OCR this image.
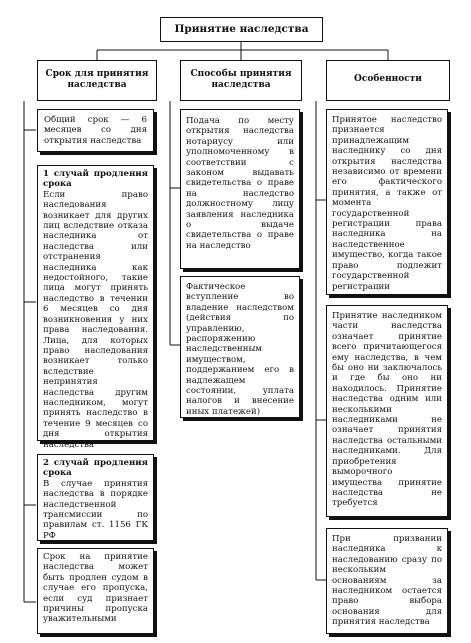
Принятие наследства
Срок для принятия
наследства
Способы принятия
наследства
Особенности
Общий срок — 6 месяцев со дня открытия наследства
1 случай продления срока
Если право наследования возникает для других лиц вследствие отказа наследника от наследства или отстранения наследника как недостойного, такие лица могут принять наследство в течении 6 месяцев со дня возникновения у них права наследования. Лица, для которых право наследования возникает только вследствие непринятия наследства другим наследником, могут принять наследство в течение 9 месяцев со дня открытия наследства
2 случай продления срока
В случае принятия наследства в порядке наследственной трансмиссии по правилам ст. 1156 ГК РФ
Срок на принятие наследства может быть продлен судом в случае его пропуска, если суд признает причины пропуска уважительными
Подача по месту открытия наследства нотариусу или уполномоченному в соответствии с законом выдавать свидетельства о праве на наследство должностному лицу заявления наследника о выдаче свидетельства о праве на наследство
Фактическое вступление во владение наследством (действия по управлению, распоряжению наследственным имуществом, поддержанием его в надлежащем состоянии, уплата налогов и внесение иных платежей)
Принятое наследство признается принадлежащим наследнику со дня открытия наследства независимо от времени его фактического принятия, а также от момента государственной регистрации права наследника на наследственное имущество, когда такое право подлежит государственной регистрации
Принятие наследником части наследства означает принятие всего причитающегося ему наследства, в чем бы оно ни заключалось и где бы оно ни находилось. Принятие наследства одним или несколькими наследниками не означает принятия наследства остальными наследниками. Для приобретения выморочного имущества принятие наследства не требуется
При призвании наследника к наследованию сразу по нескольким основаниям за наследником остается право выбора основания для принятия наследства
